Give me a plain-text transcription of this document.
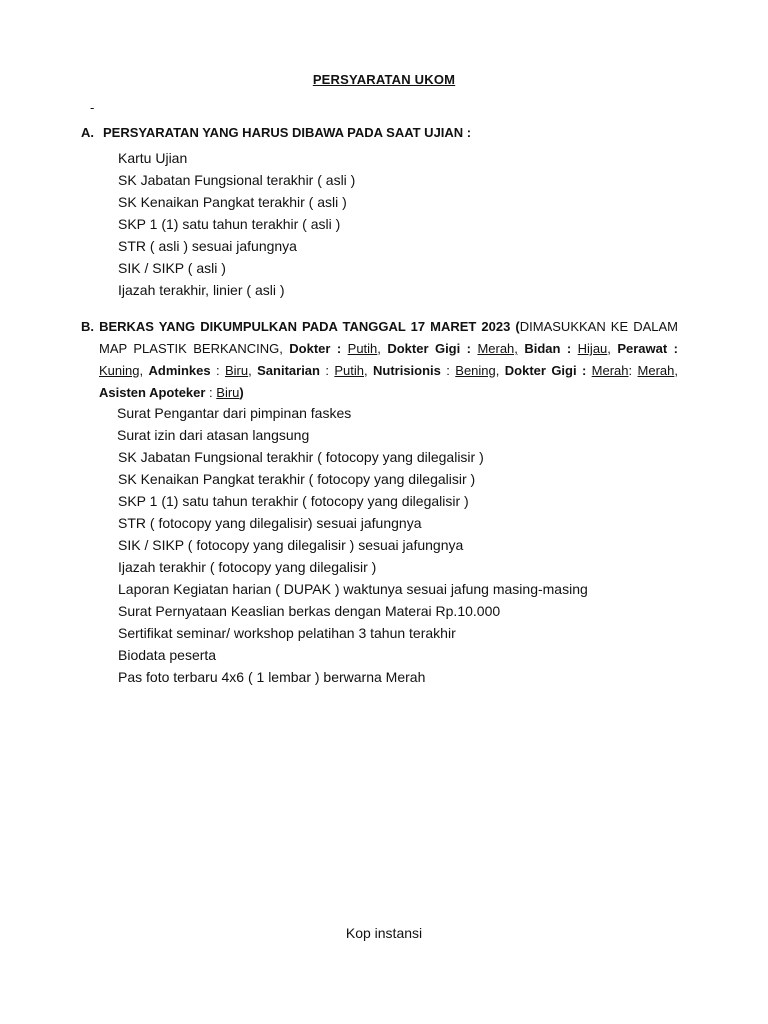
PERSYARATAN UKOM
-
A. PERSYARATAN YANG HARUS DIBAWA PADA SAAT UJIAN :
Kartu Ujian
SK Jabatan Fungsional terakhir ( asli )
SK Kenaikan Pangkat terakhir ( asli )
SKP 1 (1) satu tahun terakhir ( asli )
STR ( asli ) sesuai jafungnya
SIK / SIKP ( asli )
Ijazah terakhir, linier ( asli )
B. BERKAS YANG DIKUMPULKAN PADA TANGGAL 17 MARET 2023 (DIMASUKKAN KE DALAM MAP PLASTIK BERKANCING, Dokter : Putih, Dokter Gigi : Merah, Bidan : Hijau, Perawat : Kuning, Adminkes : Biru, Sanitarian : Putih, Nutrisionis : Bening, Dokter Gigi : Merah: Merah, Asisten Apoteker : Biru)
Surat Pengantar dari pimpinan faskes
Surat izin dari atasan langsung
SK Jabatan Fungsional terakhir ( fotocopy yang dilegalisir )
SK Kenaikan Pangkat terakhir ( fotocopy yang dilegalisir )
SKP 1 (1) satu tahun terakhir ( fotocopy yang dilegalisir )
STR ( fotocopy yang dilegalisir) sesuai jafungnya
SIK / SIKP ( fotocopy yang dilegalisir ) sesuai jafungnya
Ijazah terakhir ( fotocopy yang dilegalisir )
Laporan Kegiatan harian ( DUPAK ) waktunya sesuai jafung masing-masing
Surat Pernyataan Keaslian berkas dengan Materai Rp.10.000
Sertifikat seminar/ workshop pelatihan 3 tahun terakhir
Biodata peserta
Pas foto terbaru 4x6 ( 1 lembar ) berwarna Merah
Kop instansi
